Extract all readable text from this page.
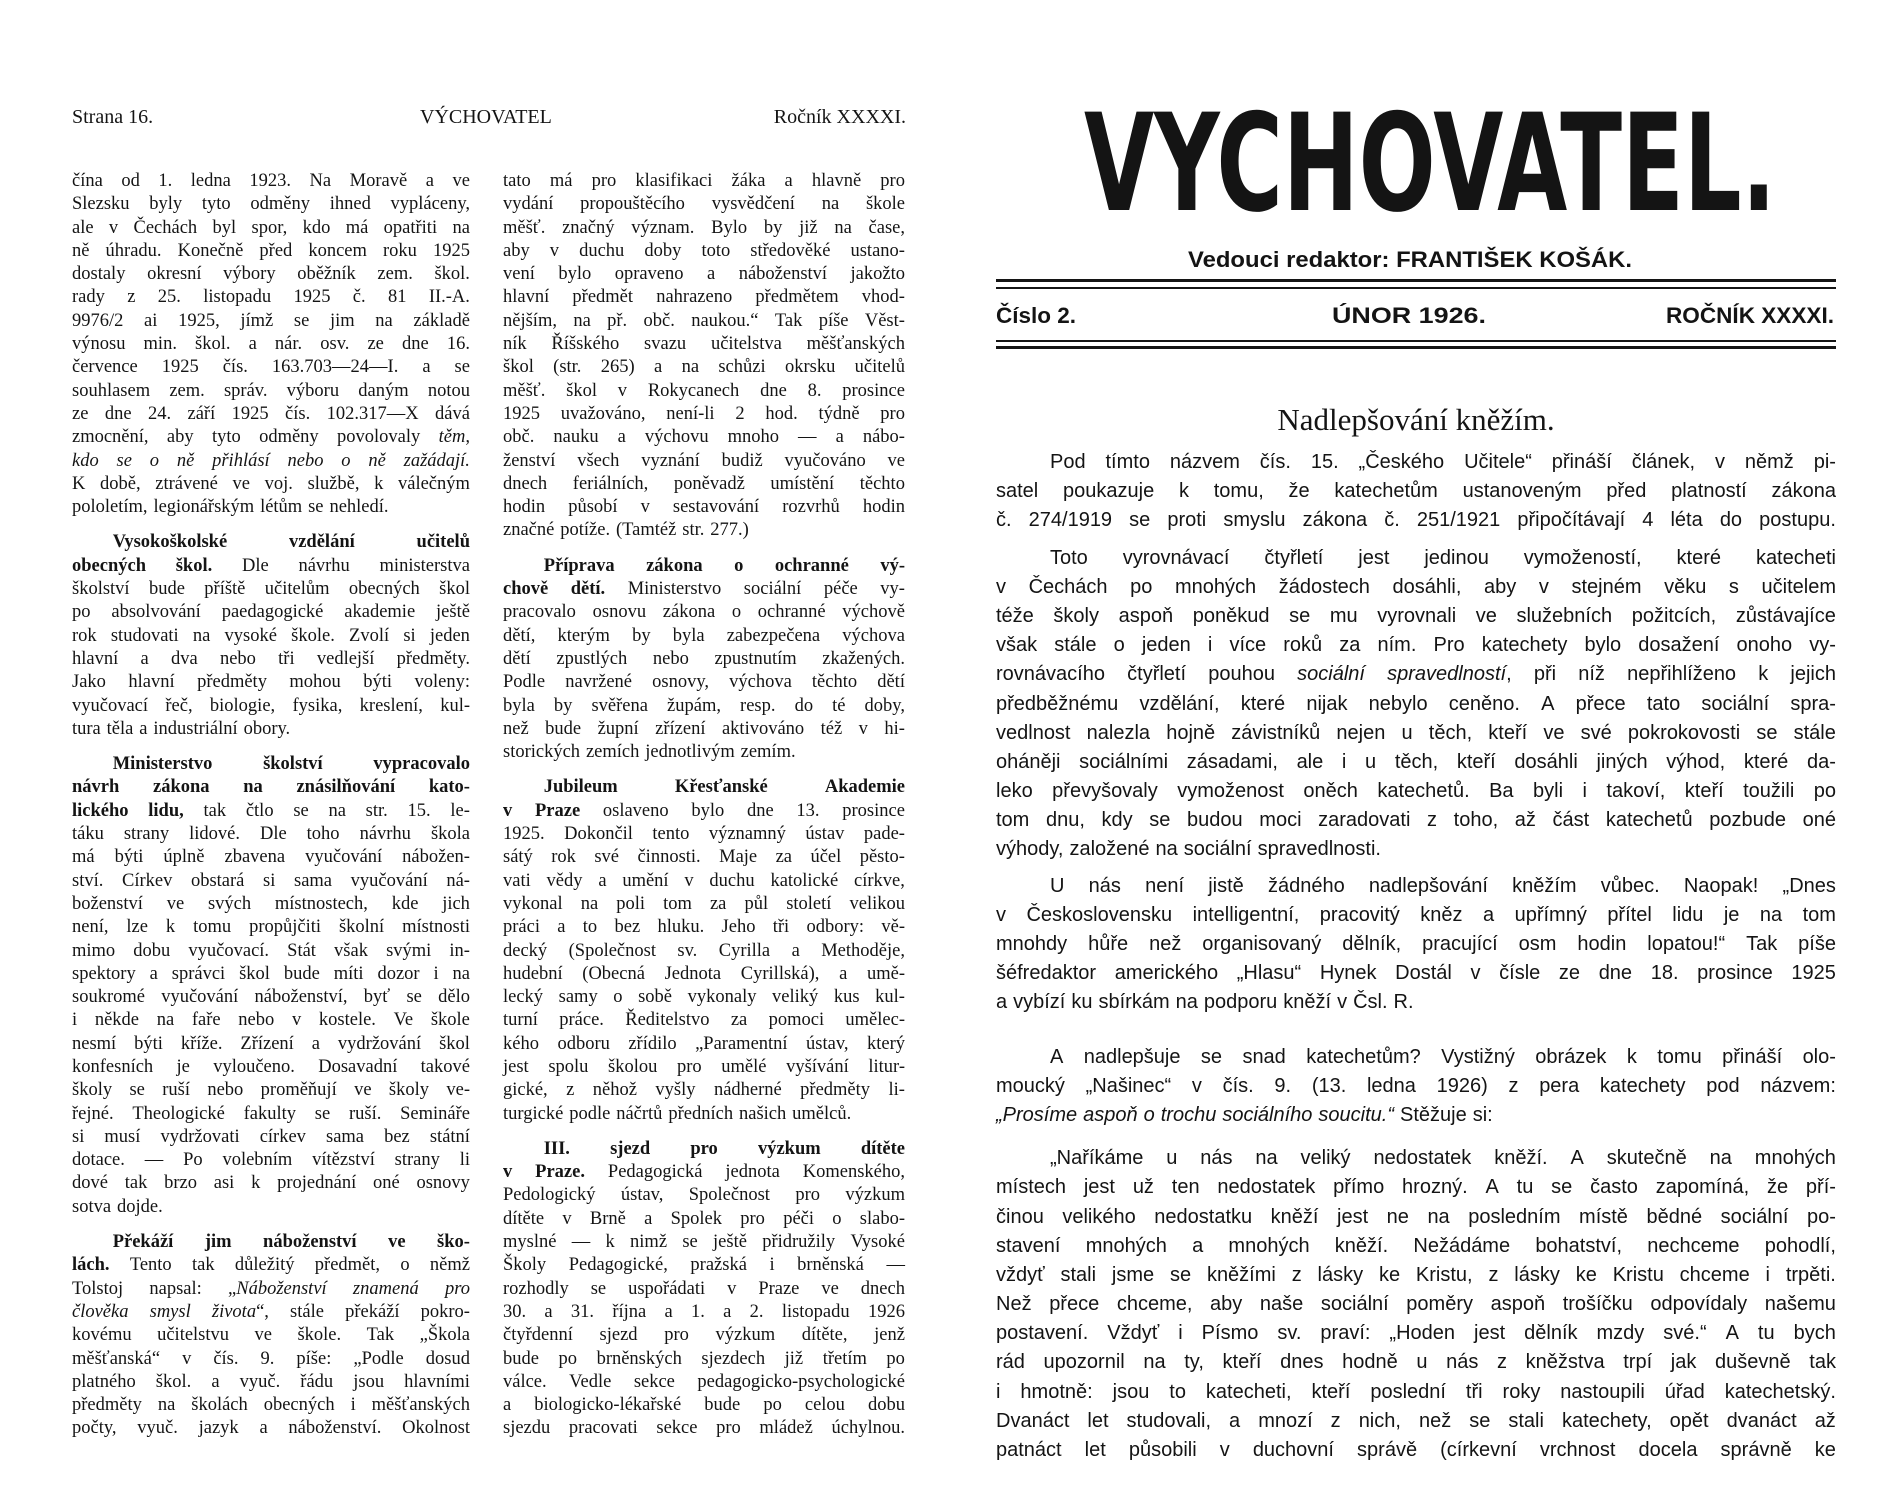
Strana 16.	VÝCHOVATEL	Ročník XXXXI.
čína od 1. ledna 1923. Na Moravě a ve
Slezsku byly tyto odměny ihned vypláceny,
ale v Čechách byl spor, kdo má opatřiti na
ně úhradu. Konečně před koncem roku 1925
dostaly okresní výbory oběžník zem. škol.
rady z 25. listopadu 1925 č. 81 II.-A.
9976/2 ai 1925, jímž se jim na základě
výnosu min. škol. a nár. osv. ze dne 16.
července 1925 čís. 163.703—24—I. a se
souhlasem zem. správ. výboru daným notou
ze dne 24. září 1925 čís. 102.317—X dává
zmocnění, aby tyto odměny povolovaly těm,
kdo se o ně přihlásí nebo o ně zažádají.
K době, ztrávené ve voj. službě, k válečným
pololetím, legionářským létům se nehledí.
Vysokoškolské	vzdělání	učitelů
obecných škol. Dle návrhu ministerstva
školství bude příště učitelům obecných škol
po absolvování paedagogické akademie ještě
rok studovati na vysoké škole. Zvolí si jeden
hlavní a dva nebo tři vedlejší předměty.
Jako hlavní předměty mohou býti voleny:
vyučovací řeč, biologie, fysika, kreslení, kul-
tura těla a industriální obory.
Ministerstvo	školství	vypracovalo
návrh zákona na znásilňování kato-
lického lidu, tak čtlo se na str. 15. le-
táku strany lidové. Dle toho návrhu škola
má býti úplně zbavena vyučování nábožen-
ství. Církev obstará si sama vyučování ná-
boženství ve svých místnostech, kde jich
není, lze k tomu propůjčiti školní místnosti
mimo dobu vyučovací. Stát však svými in-
spektory a správci škol bude míti dozor i na
soukromé vyučování náboženství, byť se dělo
i někde na faře nebo v kostele. Ve škole
nesmí býti kříže. Zřízení a vydržování škol
konfesních je vyloučeno. Dosavadní takové
školy se ruší nebo proměňují ve školy ve-
řejné. Theologické fakulty se ruší. Semináře
si musí vydržovati církev sama bez státní
dotace. — Po volebním vítězství strany li
dové tak brzo asi k projednání oné osnovy
sotva dojde.
Překáží jim náboženství ve ško-
lách. Tento tak důležitý předmět, o němž
Tolstoj napsal: „Náboženství znamená pro
člověka smysl života“, stále překáží pokro-
kovému učitelstvu ve škole. Tak „Škola
měšťanská“ v čís. 9. píše: „Podle dosud
platného škol. a vyuč. řádu jsou hlavními
předměty na školách obecných i měšťanských
počty, vyuč. jazyk a náboženství. Okolnost
tato má pro klasifikaci žáka a hlavně pro
vydání propouštěcího vysvědčení na škole
měšť. značný význam. Bylo by již na čase,
aby v duchu doby toto středověké ustano-
vení bylo opraveno a náboženství jakožto
hlavní předmět nahrazeno předmětem vhod-
nějším, na př. obč. naukou.“ Tak píše Věst-
ník Říšského svazu učitelstva měšťanských
škol (str. 265) a na schůzi okrsku učitelů
měšť. škol v Rokycanech dne 8. prosince
1925 uvažováno, není-li 2 hod. týdně pro
obč. nauku a výchovu mnoho — a nábo-
ženství všech vyznání budiž vyučováno ve
dnech feriálních, poněvadž umístění těchto
hodin působí v sestavování rozvrhů hodin
značné potíže. (Tamtéž str. 277.)
Příprava zákona o ochranné vý-
chově dětí. Ministerstvo sociální péče vy-
pracovalo osnovu zákona o ochranné výchově
dětí, kterým by byla zabezpečena výchova
dětí zpustlých nebo zpustnutím zkažených.
Podle navržené osnovy, výchova těchto dětí
byla by svěřena župám, resp. do té doby,
než bude župní zřízení aktivováno též v hi-
storických zemích jednotlivým zemím.
Jubileum	Křesťanské	Akademie
v Praze oslaveno bylo dne 13. prosince
1925. Dokončil tento významný ústav pade-
sátý rok své činnosti. Maje za účel pěsto-
vati vědy a umění v duchu katolické církve,
vykonal na poli tom za půl století velikou
práci a to bez hluku. Jeho tři odbory: vě-
decký (Společnost sv. Cyrilla a Methoděje,
hudební (Obecná Jednota Cyrillská), a umě-
lecký samy o sobě vykonaly veliký kus kul-
turní práce. Ředitelstvo za pomoci umělec-
kého odboru zřídilo „Paramentní ústav, který
jest spolu školou pro umělé vyšívání litur-
gické, z něhož vyšly nádherné předměty li-
turgické podle náčrtů předních našich umělců.
III. sjezd pro výzkum dítěte
v Praze. Pedagogická jednota Komenského,
Pedologický ústav, Společnost pro výzkum
dítěte v Brně a Spolek pro péči o slabo-
myslné — k nimž se ještě přidružily Vysoké
Školy Pedagogické, pražská i brněnská —
rozhodly se uspořádati v Praze ve dnech
30. a 31. října a 1. a 2. listopadu 1926
čtyřdenní sjezd pro výzkum dítěte, jenž
bude po brněnských sjezdech již třetím po
válce. Vedle sekce pedagogicko-psychologické
a biologicko-lékařské bude po celou dobu
sjezdu pracovati sekce pro mládež úchylnou.
VYCHOVATEL.
Vedouci redaktor: FRANTIŠEK KOŠÁK.
Číslo 2.	ÚNOR 1926.	ROČNÍK XXXXI.
Nadlepšování kněžím.
Pod tímto názvem čís. 15. „Českého Učitele“ přináší článek, v němž pi-
satel poukazuje k tomu, že katechetům ustanoveným před platností zákona
č. 274/1919 se proti smyslu zákona č. 251/1921 připočítávají 4 léta do postupu.
Toto vyrovnávací čtyřletí jest jedinou vymožeností, které katecheti
v Čechách po mnohých žádostech dosáhli, aby v stejném věku s učitelem
téže školy aspoň poněkud se mu vyrovnali ve služebních požitcích, zůstávajíce
však stále o jeden i více roků za ním. Pro katechety bylo dosažení onoho vy-
rovnávacího čtyřletí pouhou sociální spravedlností, při níž nepřihlíženo k jejich
předběžnému vzdělání, které nijak nebylo ceněno. A přece tato sociální spra-
vedlnost nalezla hojně závistníků nejen u těch, kteří ve své pokrokovosti se stále
oháněji sociálními zásadami, ale i u těch, kteří dosáhli jiných výhod, které da-
leko převyšovaly vymoženost oněch katechetů. Ba byli i takoví, kteří toužili po
tom dnu, kdy se budou moci zaradovati z toho, až část katechetů pozbude oné
výhody, založené na sociální spravedlnosti.
U nás není jistě žádného nadlepšování kněžím vůbec. Naopak! „Dnes
v Československu intelligentní, pracovitý kněz a upřímný přítel lidu je na tom
mnohdy hůře než organisovaný dělník, pracující osm hodin lopatou!“ Tak píše
šéfredaktor amerického „Hlasu“ Hynek Dostál v čísle ze dne 18. prosince 1925
a vybízí ku sbírkám na podporu kněží v Čsl. R.
A nadlepšuje se snad katechetům? Vystižný obrázek k tomu přináší olo-
moucký „Našinec“ v čís. 9. (13. ledna 1926) z pera katechety pod názvem:
„Prosíme aspoň o trochu sociálního soucitu.“ Stěžuje si:
„Naříkáme u nás na veliký nedostatek kněží. A skutečně na mnohých
místech jest už ten nedostatek přímo hrozný. A tu se často zapomíná, že pří-
činou velikého nedostatku kněží jest ne na posledním místě bědné sociální po-
stavení mnohých a mnohých kněží. Nežádáme bohatství, nechceme pohodlí,
vždyť stali jsme se kněžími z lásky ke Kristu, z lásky ke Kristu chceme i trpěti.
Než přece chceme, aby naše sociální poměry aspoň trošíčku odpovídaly našemu
postavení. Vždyť i Písmo sv. praví: „Hoden jest dělník mzdy své.“ A tu bych
rád upozornil na ty, kteří dnes hodně u nás z kněžstva trpí jak duševně tak
i hmotně: jsou to katecheti, kteří poslední tři roky nastoupili úřad katechetský.
Dvanáct let studovali, a mnozí z nich, než se stali katechety, opět dvanáct až
patnáct let působili v duchovní správě (církevní vrchnost docela správně ke
